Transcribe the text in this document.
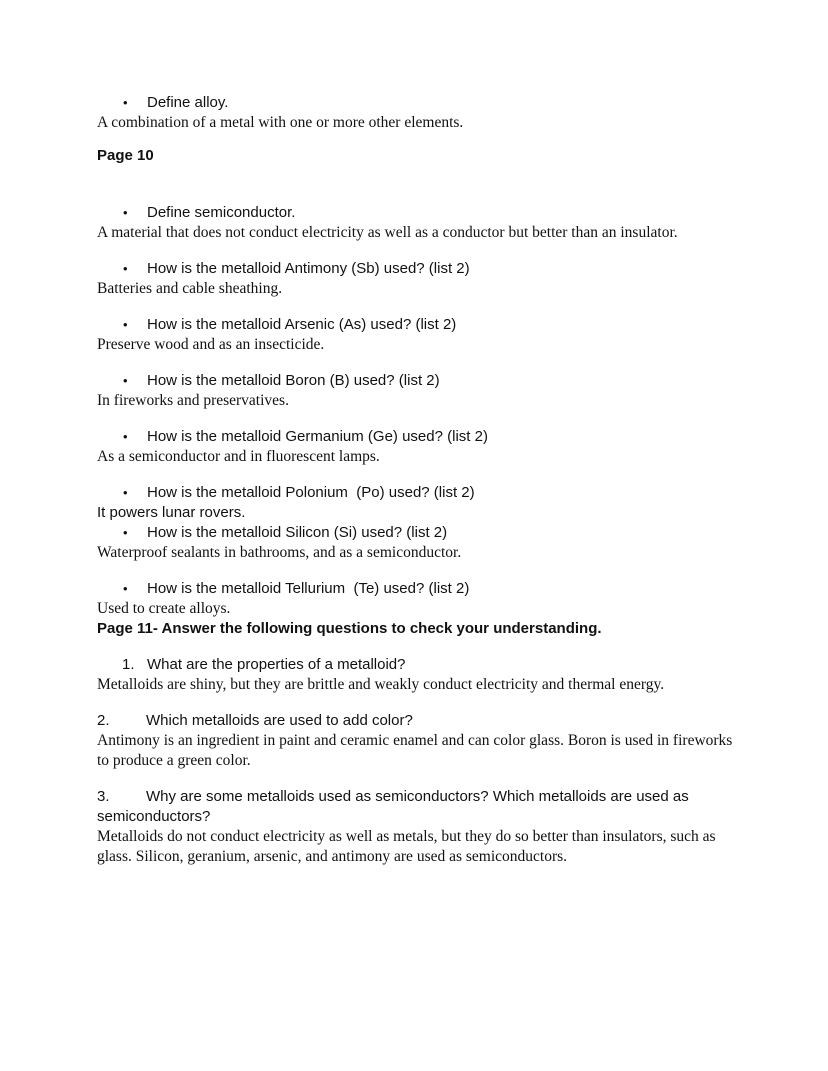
• Define alloy.

A combination of a metal with one or more other elements.

Page 10

• Define semiconductor.

A material that does not conduct electricity as well as a conductor but better than an insulator.

• How is the metalloid Antimony (Sb) used? (list 2)

Batteries and cable sheathing.

• How is the metalloid Arsenic (As) used? (list 2)

Preserve wood and as an insecticide.

• How is the metalloid Boron (B) used? (list 2)

In fireworks and preservatives.

• How is the metalloid Germanium (Ge) used? (list 2)

As a semiconductor and in fluorescent lamps.

• How is the metalloid Polonium  (Po) used? (list 2)

It powers lunar rovers.

• How is the metalloid Silicon (Si) used? (list 2)

Waterproof sealants in bathrooms, and as a semiconductor.

• How is the metalloid Tellurium  (Te) used? (list 2)

Used to create alloys.

Page 11- Answer the following questions to check your understanding.

1. What are the properties of a metalloid?

Metalloids are shiny, but they are brittle and weakly conduct electricity and thermal energy.

2. Which metalloids are used to add color?

Antimony is an ingredient in paint and ceramic enamel and can color glass. Boron is used in fireworks to produce a green color.

3. Why are some metalloids used as semiconductors? Which metalloids are used as semiconductors?

Metalloids do not conduct electricity as well as metals, but they do so better than insulators, such as glass. Silicon, geranium, arsenic, and antimony are used as semiconductors.
